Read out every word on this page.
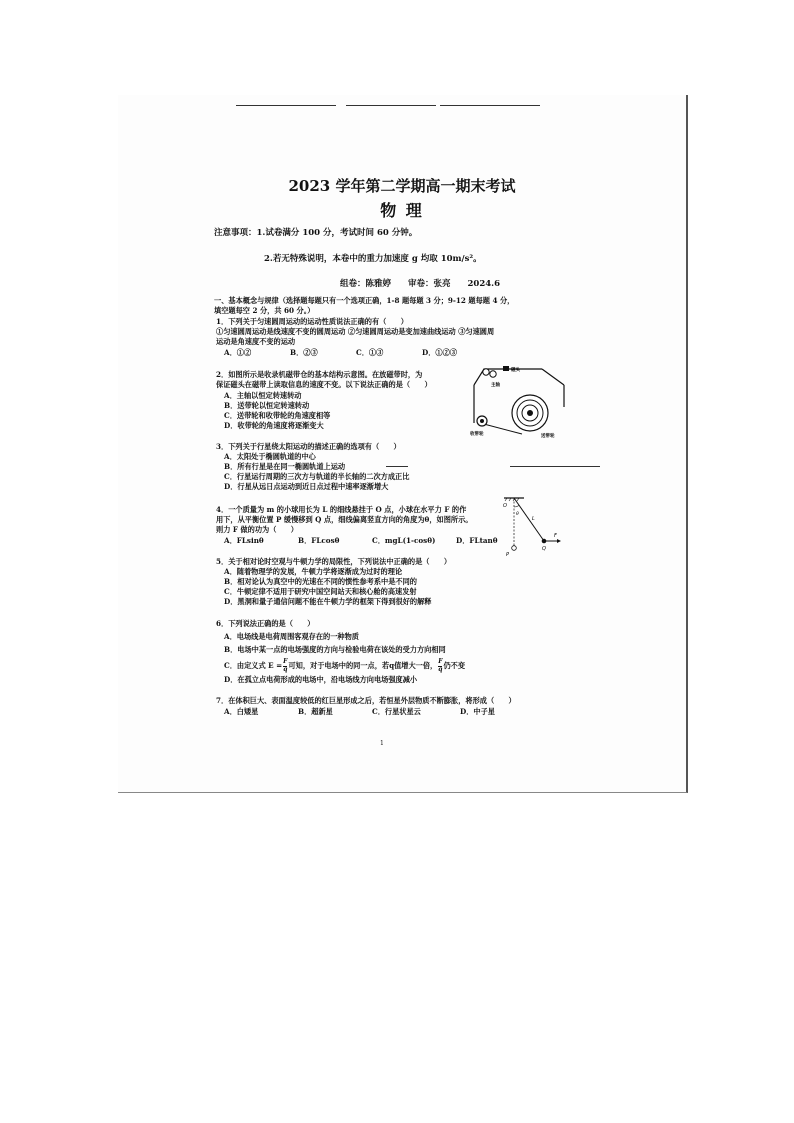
2023 学年第二学期高一期末考试
物 理
注意事项：1.试卷满分 100 分，考试时间 60 分钟。
2.若无特殊说明，本卷中的重力加速度 g 均取 10m/s²。
组卷：陈雅婷　　审卷：张亮　　2024.6
一、基本概念与规律（选择题每题只有一个选项正确，1-8 题每题 3 分；9-12 题每题 4 分，
填空题每空 2 分，共 60 分。）
1．下列关于匀速圆周运动的运动性质说法正确的有（　　）
①匀速圆周运动是线速度不变的圆周运动 ②匀速圆周运动是变加速曲线运动 ③匀速圆周
运动是角速度不变的运动
A．①②	B．②③	C．①③	D．①②③
2．如图所示是收录机磁带仓的基本结构示意图。在放磁带时，为
保证磁头在磁带上读取信息的速度不变。以下说法正确的是（　　）
A．主轴以恒定转速转动
B．送带轮以恒定转速转动
C．送带轮和收带轮的角速度相等
D．收带轮的角速度将逐渐变大
磁头
主轴
收带轮	送带轮
3．下列关于行星绕太阳运动的描述正确的选项有（　　）
A．太阳处于椭圆轨道的中心
B．所有行星是在同一椭圆轨道上运动
C．行星运行周期的三次方与轨道的半长轴的二次方成正比
D．行星从远日点运动到近日点过程中速率逐渐增大
4．一个质量为 m 的小球用长为 L 的细线悬挂于 O 点，小球在水平力 F 的作
用下，从平衡位置 P 缓慢移到 Q 点，细线偏离竖直方向的角度为θ，如图所示。
则力 F 做的功为（　　）
A．FLsinθ	B．FLcosθ	C．mgL(1-cosθ)	D．FLtanθ
O
θ
L
F
Q
P
5．关于相对论时空观与牛顿力学的局限性，下列说法中正确的是（　　）
A．随着物理学的发展，牛顿力学将逐渐成为过时的理论
B．相对论认为真空中的光速在不同的惯性参考系中是不同的
C．牛顿定律不适用于研究中国空间站天和核心舱的高速发射
D．黑洞和量子通信问题不能在牛顿力学的框架下得到很好的解释
6．下列说法正确的是（　　）
A．电场线是电荷周围客观存在的一种物质
B．电场中某一点的电场强度的方向与检验电荷在该处的受力方向相同
C．由定义式 $E = \frac{F}{q}$ 可知，对于电场中的同一点，若q值增大一倍， $\frac{F}{q}$ 仍不变
D．在孤立点电荷形成的电场中，沿电场线方向电场强度减小
7．在体积巨大、表面温度较低的红巨星形成之后，若恒星外层物质不断膨胀，将形成（　　）
A．白矮星	B．超新星	C．行星状星云	D．中子星
1
